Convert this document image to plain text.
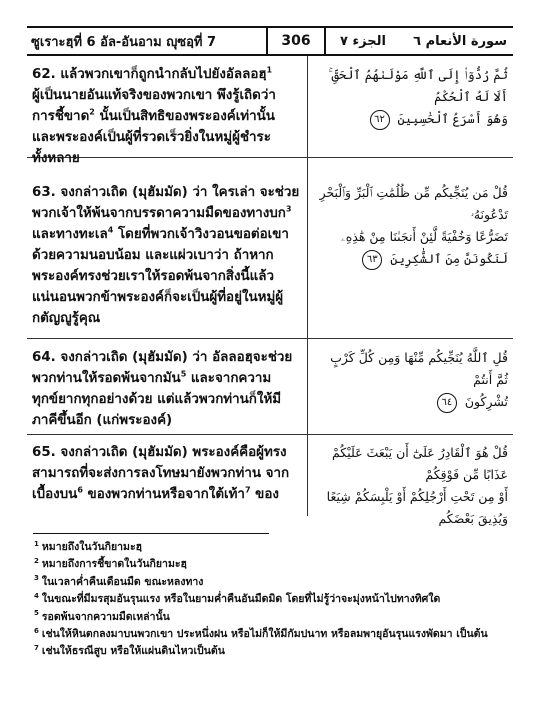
ซูเราะฮฺที่ 6 อัล-อันอาม ญุซอฺที่ 7	306	سورة الأنعام ٦
الجزء ٧

62. แล้วพวกเขาก็ถูกนำกลับไปยังอัลลอฮฺ$^1$

ผู้เป็นนายอันแท้จริงของพวกเขา พึงรู้เถิดว่า

การชี้ขาด$^2$ นั้นเป็นสิทธิของพระองค์เท่านั้น

และพระองค์เป็นผู้ที่รวดเร็วยิ่งในหมู่ผู้ชำระ

ทั้งหลาย

ثُمَّ رُدُّوٓا۟ إِلَى ٱللَّهِ مَوْلَىٰهُمُ ٱلْحَقِّ ۚ أَلَا لَهُ ٱلْحُكْمُ
وَهُوَ أَسْرَعُ ٱلْحَٰسِبِينَ ٦٢

63. จงกล่าวเถิด (มุฮัมมัด) ว่า ใครเล่า จะช่วย

พวกเจ้าให้พ้นจากบรรดาความมืดของทางบก$^3$

และทางทะเล$^4$ โดยที่พวกเจ้าวิงวอนขอต่อเขา

ด้วยความนอบน้อม และแผ่วเบาว่า ถ้าหาก

พระองค์ทรงช่วยเราให้รอดพ้นจากสิ่งนี้แล้ว

แน่นอนพวกข้าพระองค์ก็จะเป็นผู้ที่อยู่ในหมู่ผู้

กตัญญูรู้คุณ

قُلْ مَن يُنَجِّيكُم مِّن ظُلُمَٰتِ ٱلْبَرِّ وَٱلْبَحْرِ تَدْعُونَهُۥ
تَضَرُّعًا وَخُفْيَةً لَّئِنْ أَنجَىٰنَا مِنْ هَٰذِهِۦ
لَنَكُونَنَّ مِنَ ٱلشَّٰكِرِينَ ٦٣

64. จงกล่าวเถิด (มุฮัมมัด) ว่า อัลลอฮฺจะช่วย

พวกท่านให้รอดพ้นจากมัน$^5$ และจากความ

ทุกข์ยากทุกอย่างด้วย แต่แล้วพวกท่านก็ให้มี

ภาคีขึ้นอีก (แก่พระองค์)

قُلِ ٱللَّهُ يُنَجِّيكُم مِّنْهَا وَمِن كُلِّ كَرْبٍ ثُمَّ أَنتُمْ
تُشْرِكُونَ ٦٤

65. จงกล่าวเถิด (มุฮัมมัด) พระองค์คือผู้ทรง

สามารถที่จะส่งการลงโทษมายังพวกท่าน จาก

เบื้องบน$^6$ ของพวกท่านหรือจากใต้เท้า$^7$ ของ

قُلْ هُوَ ٱلْقَادِرُ عَلَىٰٓ أَن يَبْعَثَ عَلَيْكُمْ عَذَابًا مِّن فَوْقِكُمْ
أَوْ مِن تَحْتِ أَرْجُلِكُمْ أَوْ يَلْبِسَكُمْ شِيَعًا وَيُذِيقَ بَعْضَكُم
$^1$ หมายถึงในวันกิยามะฮฺ
$^2$ หมายถึงการชี้ขาดในวันกิยามะฮฺ
$^3$ ในเวลาค่ำคืนเดือนมืด ขณะหลงทาง
$^4$ ในขณะที่มีมรสุมอันรุนแรง หรือในยามค่ำคืนอันมืดมิด โดยที่ไม่รู้ว่าจะมุ่งหน้าไปทางทิศใด
$^5$ รอดพ้นจากความมืดเหล่านั้น
$^6$ เช่นให้หินตกลงมาบนพวกเขา ประหนึ่งฝน หรือไม่ก็ให้มีกัมปนาท หรือลมพายุอันรุนแรงพัดมา เป็นต้น
$^7$ เช่นให้ธรณีสูบ หรือให้แผ่นดินไหวเป็นต้น
